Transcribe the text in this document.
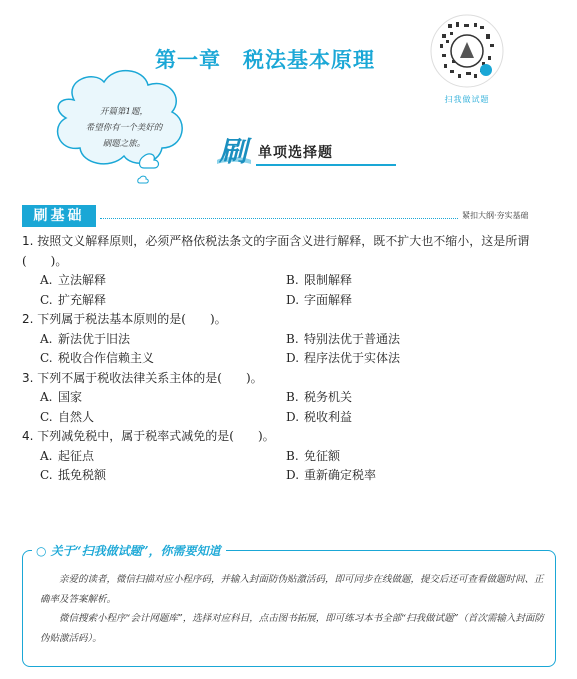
第一章　税法基本原理
扫我做试题
开篇第1题，
希望你有一个美好的
刷题之旅。	刷 单项选择题
刷基础	紧扣大纲·夯实基础

1. 按照文义解释原则，必须严格依税法条文的字面含义进行解释，既不扩大也不缩小，这是所谓(　　)。

A. 立法解释	B. 限制解释
C. 扩充解释	D. 字面解释

2. 下列属于税法基本原则的是(　　)。

A. 新法优于旧法	B. 特别法优于普通法
C. 税收合作信赖主义	D. 程序法优于实体法

3. 下列不属于税收法律关系主体的是(　　)。

A. 国家	B. 税务机关
C. 自然人	D. 税收利益

4. 下列减免税中，属于税率式减免的是(　　)。

A. 起征点	B. 免征额
C. 抵免税额	D. 重新确定税率
○ 关于“扫我做试题”，你需要知道

亲爱的读者，微信扫描对应小程序码，并输入封面防伪贴激活码，即可同步在线做题，提交后还可查看做题时间、正确率及答案解析。

微信搜索小程序“会计网题库”，选择对应科目，点击图书拓展，即可练习本书全部“扫我做试题”（首次需输入封面防伪贴激活码）。
